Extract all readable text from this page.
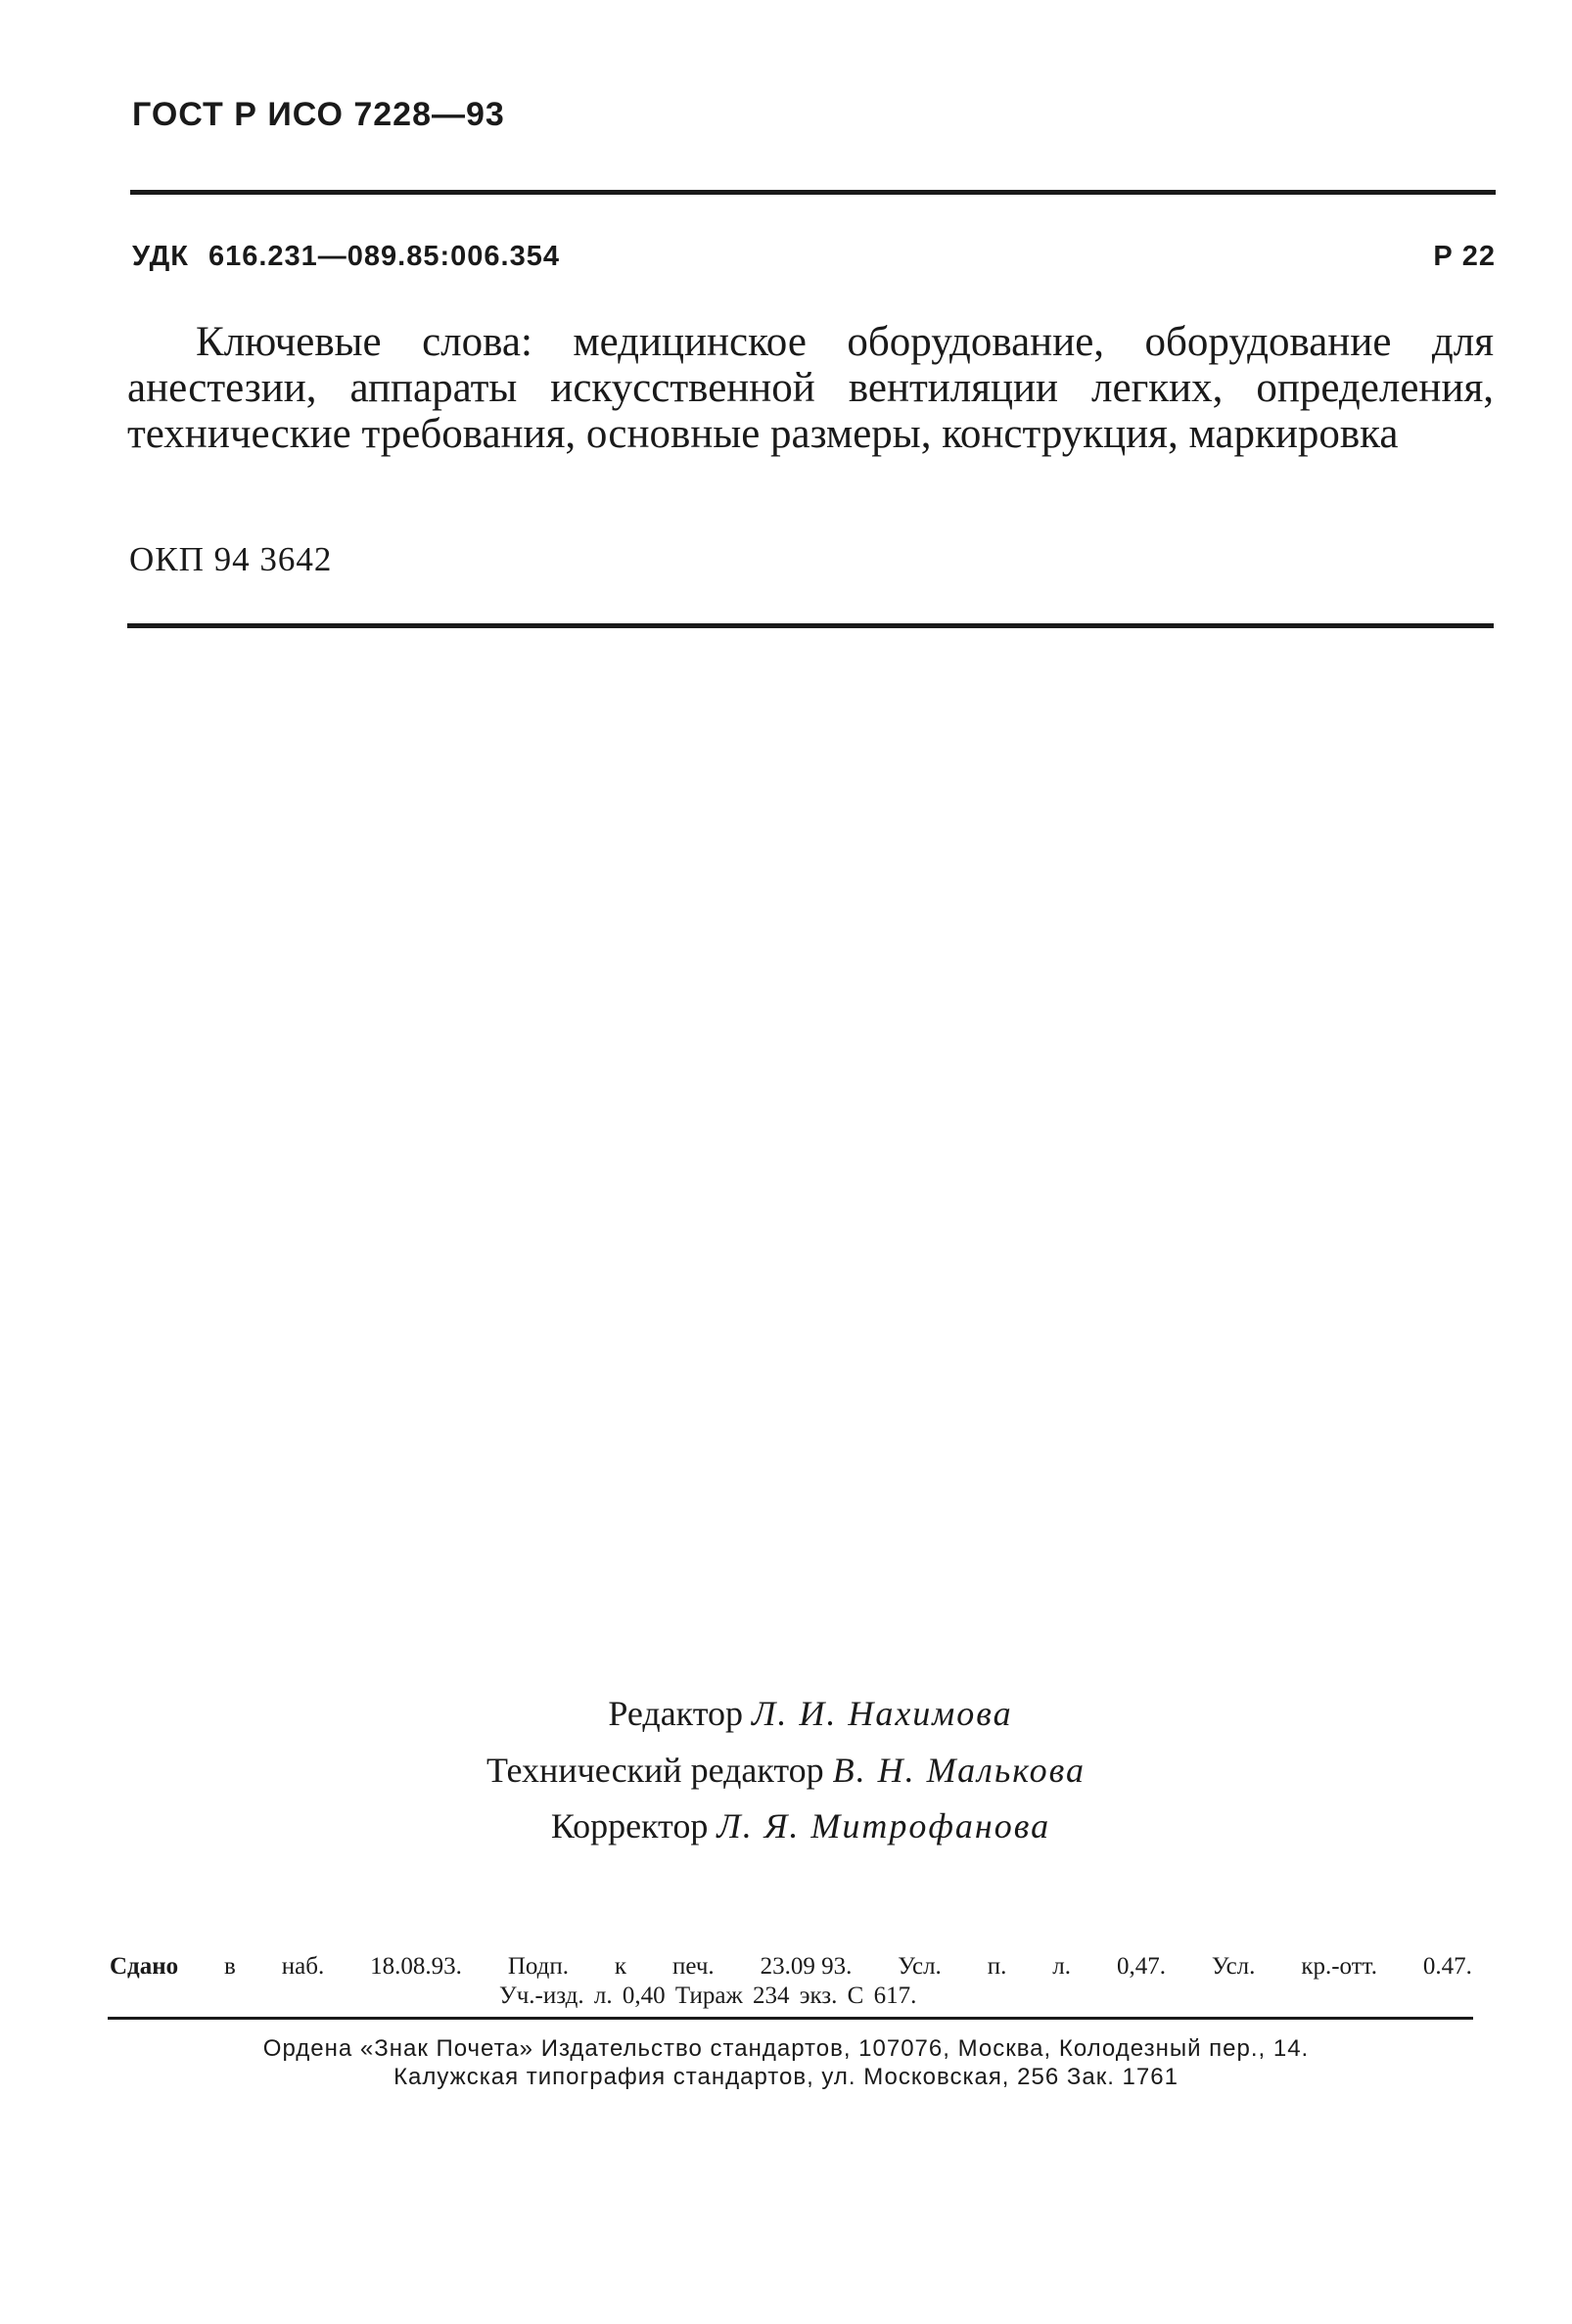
ГОСТ Р ИСО 7228—93
УДК 616.231—089.85:006.354	Р 22

Ключевые слова: медицинское оборудование, оборудование для анестезии, аппараты искусственной вентиляции легких, определения, технические требования, основные размеры, конструкция, маркировка

ОКП 94 3642
Редактор Л. И. Нахимова
Технический редактор В. Н. Малькова
Корректор Л. Я. Митрофанова
Сдано в наб. 18.08.93. Подп. к печ. 23.09 93. Усл. п. л. 0,47. Усл. кр.-отт. 0.47.
Уч.-изд. л. 0,40 Тираж 234 экз. С 617.
Ордена «Знак Почета» Издательство стандартов, 107076, Москва, Колодезный пер., 14.
Калужская типография стандартов, ул. Московская, 256 Зак. 1761
